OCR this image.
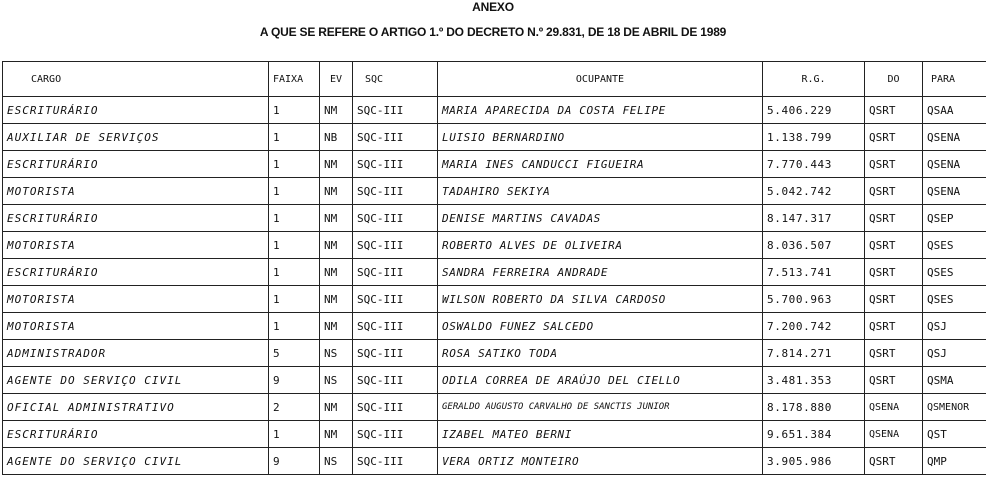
ANEXO
A QUE SE REFERE O ARTIGO 1.º DO DECRETO N.º 29.831, DE 18 DE ABRIL DE 1989
CARGO	FAIXA	EV	SQC	OCUPANTE	R.G.	DO	PARA
ESCRITURÁRIO	1	NM	SQC-III	MARIA APARECIDA DA COSTA FELIPE	5.406.229	QSRT	QSAA
AUXILIAR DE SERVIÇOS	1	NB	SQC-III	LUISIO BERNARDINO	1.138.799	QSRT	QSENA
ESCRITURÁRIO	1	NM	SQC-III	MARIA INES CANDUCCI FIGUEIRA	7.770.443	QSRT	QSENA
MOTORISTA	1	NM	SQC-III	TADAHIRO SEKIYA	5.042.742	QSRT	QSENA
ESCRITURÁRIO	1	NM	SQC-III	DENISE MARTINS CAVADAS	8.147.317	QSRT	QSEP
MOTORISTA	1	NM	SQC-III	ROBERTO ALVES DE OLIVEIRA	8.036.507	QSRT	QSES
ESCRITURÁRIO	1	NM	SQC-III	SANDRA FERREIRA ANDRADE	7.513.741	QSRT	QSES
MOTORISTA	1	NM	SQC-III	WILSON ROBERTO DA SILVA CARDOSO	5.700.963	QSRT	QSES
MOTORISTA	1	NM	SQC-III	OSWALDO FUNEZ SALCEDO	7.200.742	QSRT	QSJ
ADMINISTRADOR	5	NS	SQC-III	ROSA SATIKO TODA	7.814.271	QSRT	QSJ
AGENTE DO SERVIÇO CIVIL	9	NS	SQC-III	ODILA CORREA DE ARAÚJO DEL CIELLO	3.481.353	QSRT	QSMA
OFICIAL ADMINISTRATIVO	2	NM	SQC-III	GERALDO AUGUSTO CARVALHO DE SANCTIS JUNIOR	8.178.880	QSENA	QSMENOR
ESCRITURÁRIO	1	NM	SQC-III	IZABEL MATEO BERNI	9.651.384	QSENA	QST
AGENTE DO SERVIÇO CIVIL	9	NS	SQC-III	VERA ORTIZ MONTEIRO	3.905.986	QSRT	QMP
